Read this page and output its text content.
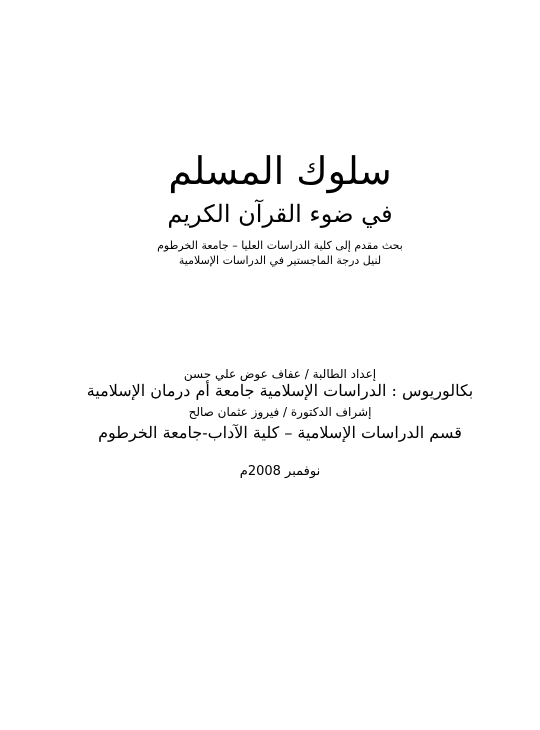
سلوك المسلم
في ضوء القرآن الكريم
بحث مقدم إلى كلية الدراسات العليا – جامعة الخرطوم
لنيل درجة الماجستير في الدراسات الإسلامية
إعداد الطالبة / عفاف عوض علي حسن
بكالوريوس : الدراسات الإسلامية جامعة أم درمان الإسلامية
إشراف الدكتورة / فيروز عثمان صالح
قسم الدراسات الإسلامية – كلية الآداب-جامعة الخرطوم
نوفمبر 2008م
